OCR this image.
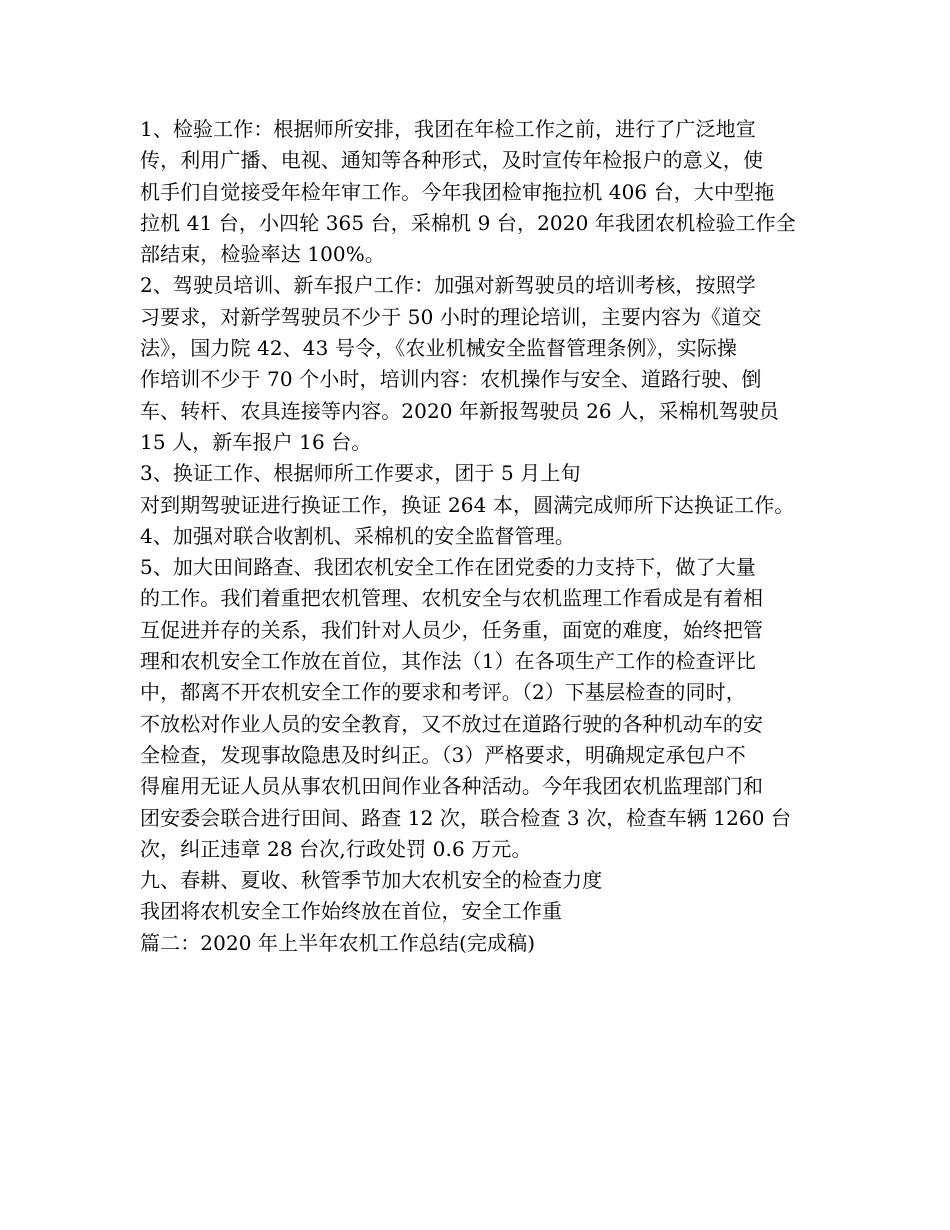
1、检验工作：根据师所安排，我团在年检工作之前，进行了广泛地宣
传，利用广播、电视、通知等各种形式，及时宣传年检报户的意义，使
机手们自觉接受年检年审工作。今年我团检审拖拉机 406 台，大中型拖
拉机 41 台，小四轮 365 台，采棉机 9 台，2020 年我团农机检验工作全
部结束，检验率达 100%。
2、驾驶员培训、新车报户工作：加强对新驾驶员的培训考核，按照学
习要求，对新学驾驶员不少于 50 小时的理论培训，主要内容为《道交
法》，国力院 42、43 号令，《农业机械安全监督管理条例》，实际操
作培训不少于 70 个小时，培训内容：农机操作与安全、道路行驶、倒
车、转杆、农具连接等内容。2020 年新报驾驶员 26 人，采棉机驾驶员
15 人，新车报户 16 台。
3、换证工作、根据师所工作要求，团于 5 月上旬
对到期驾驶证进行换证工作，换证 264 本，圆满完成师所下达换证工作。
4、加强对联合收割机、采棉机的安全监督管理。
5、加大田间路查、我团农机安全工作在团党委的力支持下，做了大量
的工作。我们着重把农机管理、农机安全与农机监理工作看成是有着相
互促进并存的关系，我们针对人员少，任务重，面宽的难度，始终把管
理和农机安全工作放在首位，其作法（1）在各项生产工作的检查评比
中，都离不开农机安全工作的要求和考评。（2）下基层检查的同时，
不放松对作业人员的安全教育，又不放过在道路行驶的各种机动车的安
全检查，发现事故隐患及时纠正。（3）严格要求，明确规定承包户不
得雇用无证人员从事农机田间作业各种活动。今年我团农机监理部门和
团安委会联合进行田间、路查 12 次，联合检查 3 次，检查车辆 1260 台
次，纠正违章 28 台次,行政处罚 0.6 万元。
九、春耕、夏收、秋管季节加大农机安全的检查力度
我团将农机安全工作始终放在首位，安全工作重
篇二：2020 年上半年农机工作总结(完成稿)
